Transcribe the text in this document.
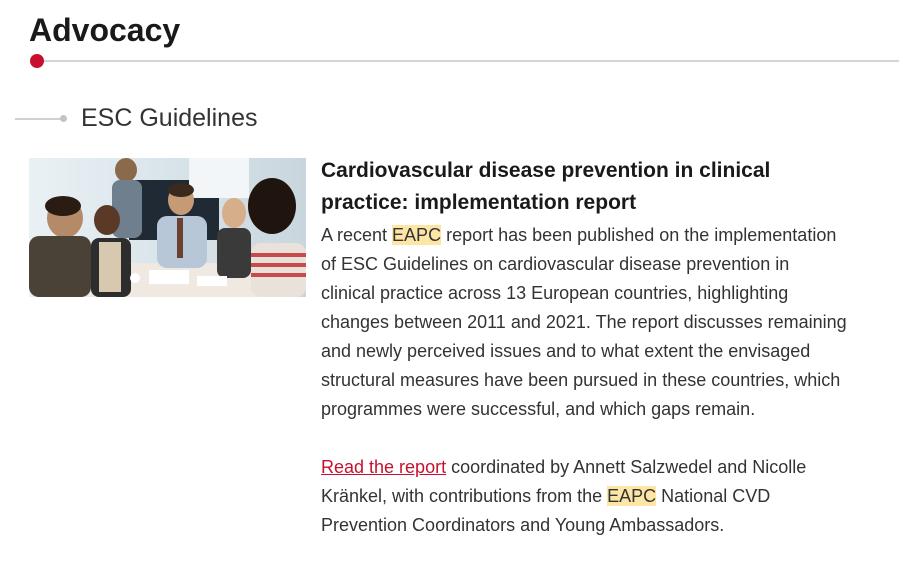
Advocacy
ESC Guidelines
Cardiovascular disease prevention in clinical
practice: implementation report

A recent EAPC report has been published on the implementation
of ESC Guidelines on cardiovascular disease prevention in
clinical practice across 13 European countries, highlighting
changes between 2011 and 2021. The report discusses remaining
and newly perceived issues and to what extent the envisaged
structural measures have been pursued in these countries, which
programmes were successful, and which gaps remain.

Read the report coordinated by Annett Salzwedel and Nicolle
Kränkel, with contributions from the EAPC National CVD
Prevention Coordinators and Young Ambassadors.
